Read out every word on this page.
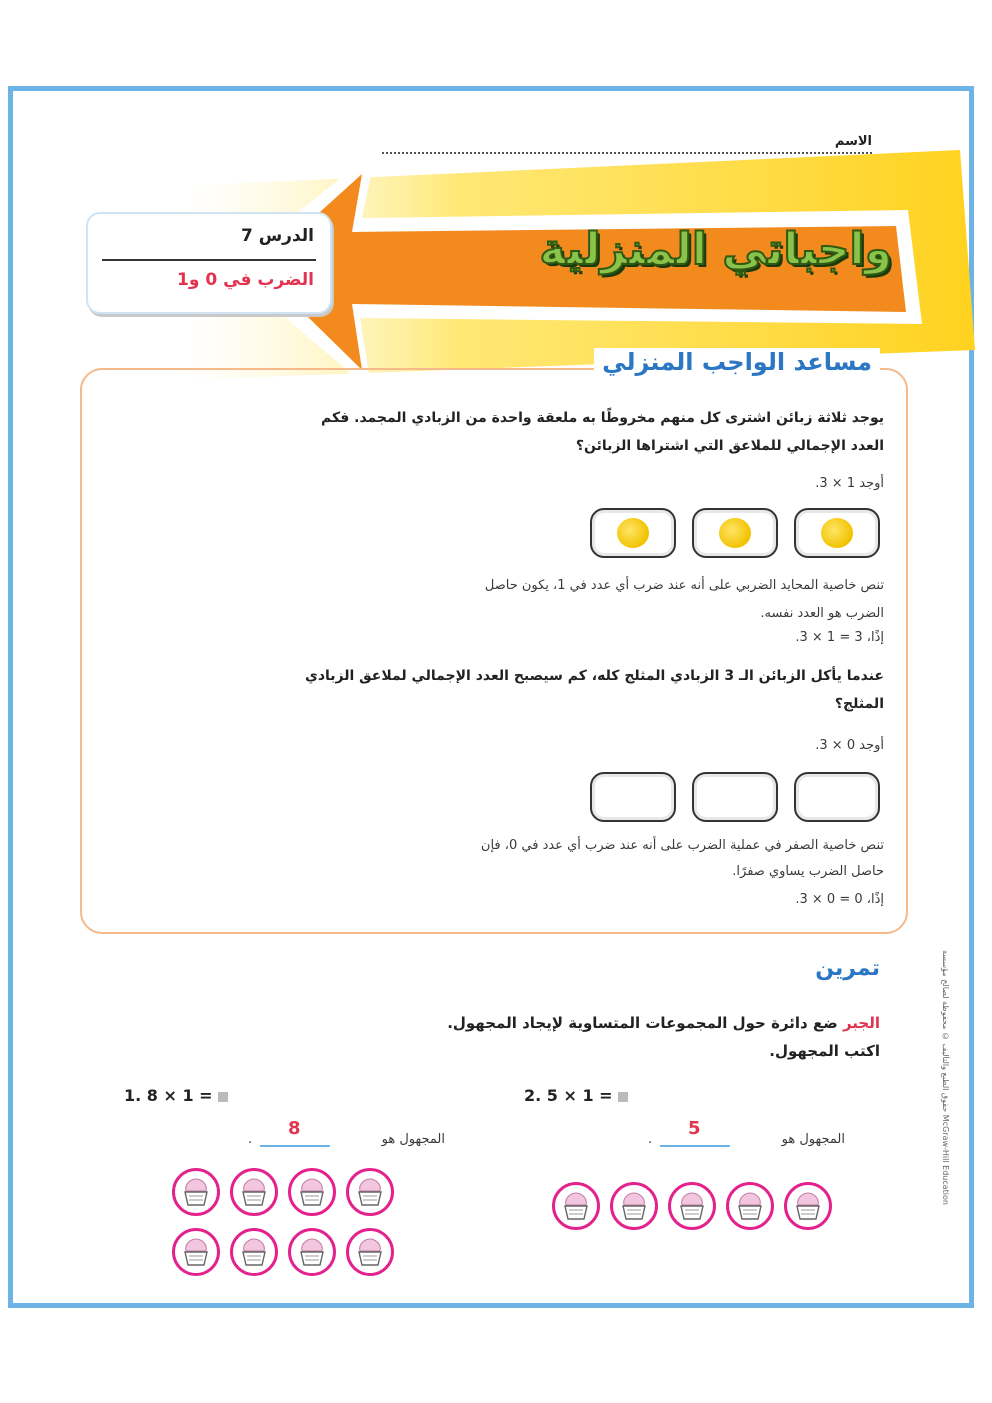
الاسم
واجباتي المنزلية
الدرس 7
الضرب في 0 و1
مساعد الواجب المنزلي
يوجد ثلاثة زبائن اشترى كل منهم مخروطًا به ملعقة واحدة من الزبادي المجمد. فكم العدد الإجمالي للملاعق التي اشتراها الزبائن؟
أوجد 1 × 3.
تنص خاصية المحايد الضربي على أنه عند ضرب أي عدد في 1، يكون حاصل
الضرب هو العدد نفسه.
إذًا، 3 = 1 × 3.
عندما يأكل الزبائن الـ 3 الزبادي المثلج كله، كم سيصبح العدد الإجمالي لملاعق الزبادي المثلج؟
أوجد 0 × 3.
تنص خاصية الصفر في عملية الضرب على أنه عند ضرب أي عدد في 0، فإن
حاصل الضرب يساوي صفرًا.
إذًا، 0 = 0 × 3.
تمرين
الجبر ضع دائرة حول المجموعات المتساوية لإيجاد المجهول.
اكتب المجهول.
1. 8 × 1 =	2. 5 × 1 =
المجهول هو
8
.	المجهول هو
5
.
حقوق الطبع والتأليف © محفوظة لصالح مؤسسة McGraw-Hill Education
